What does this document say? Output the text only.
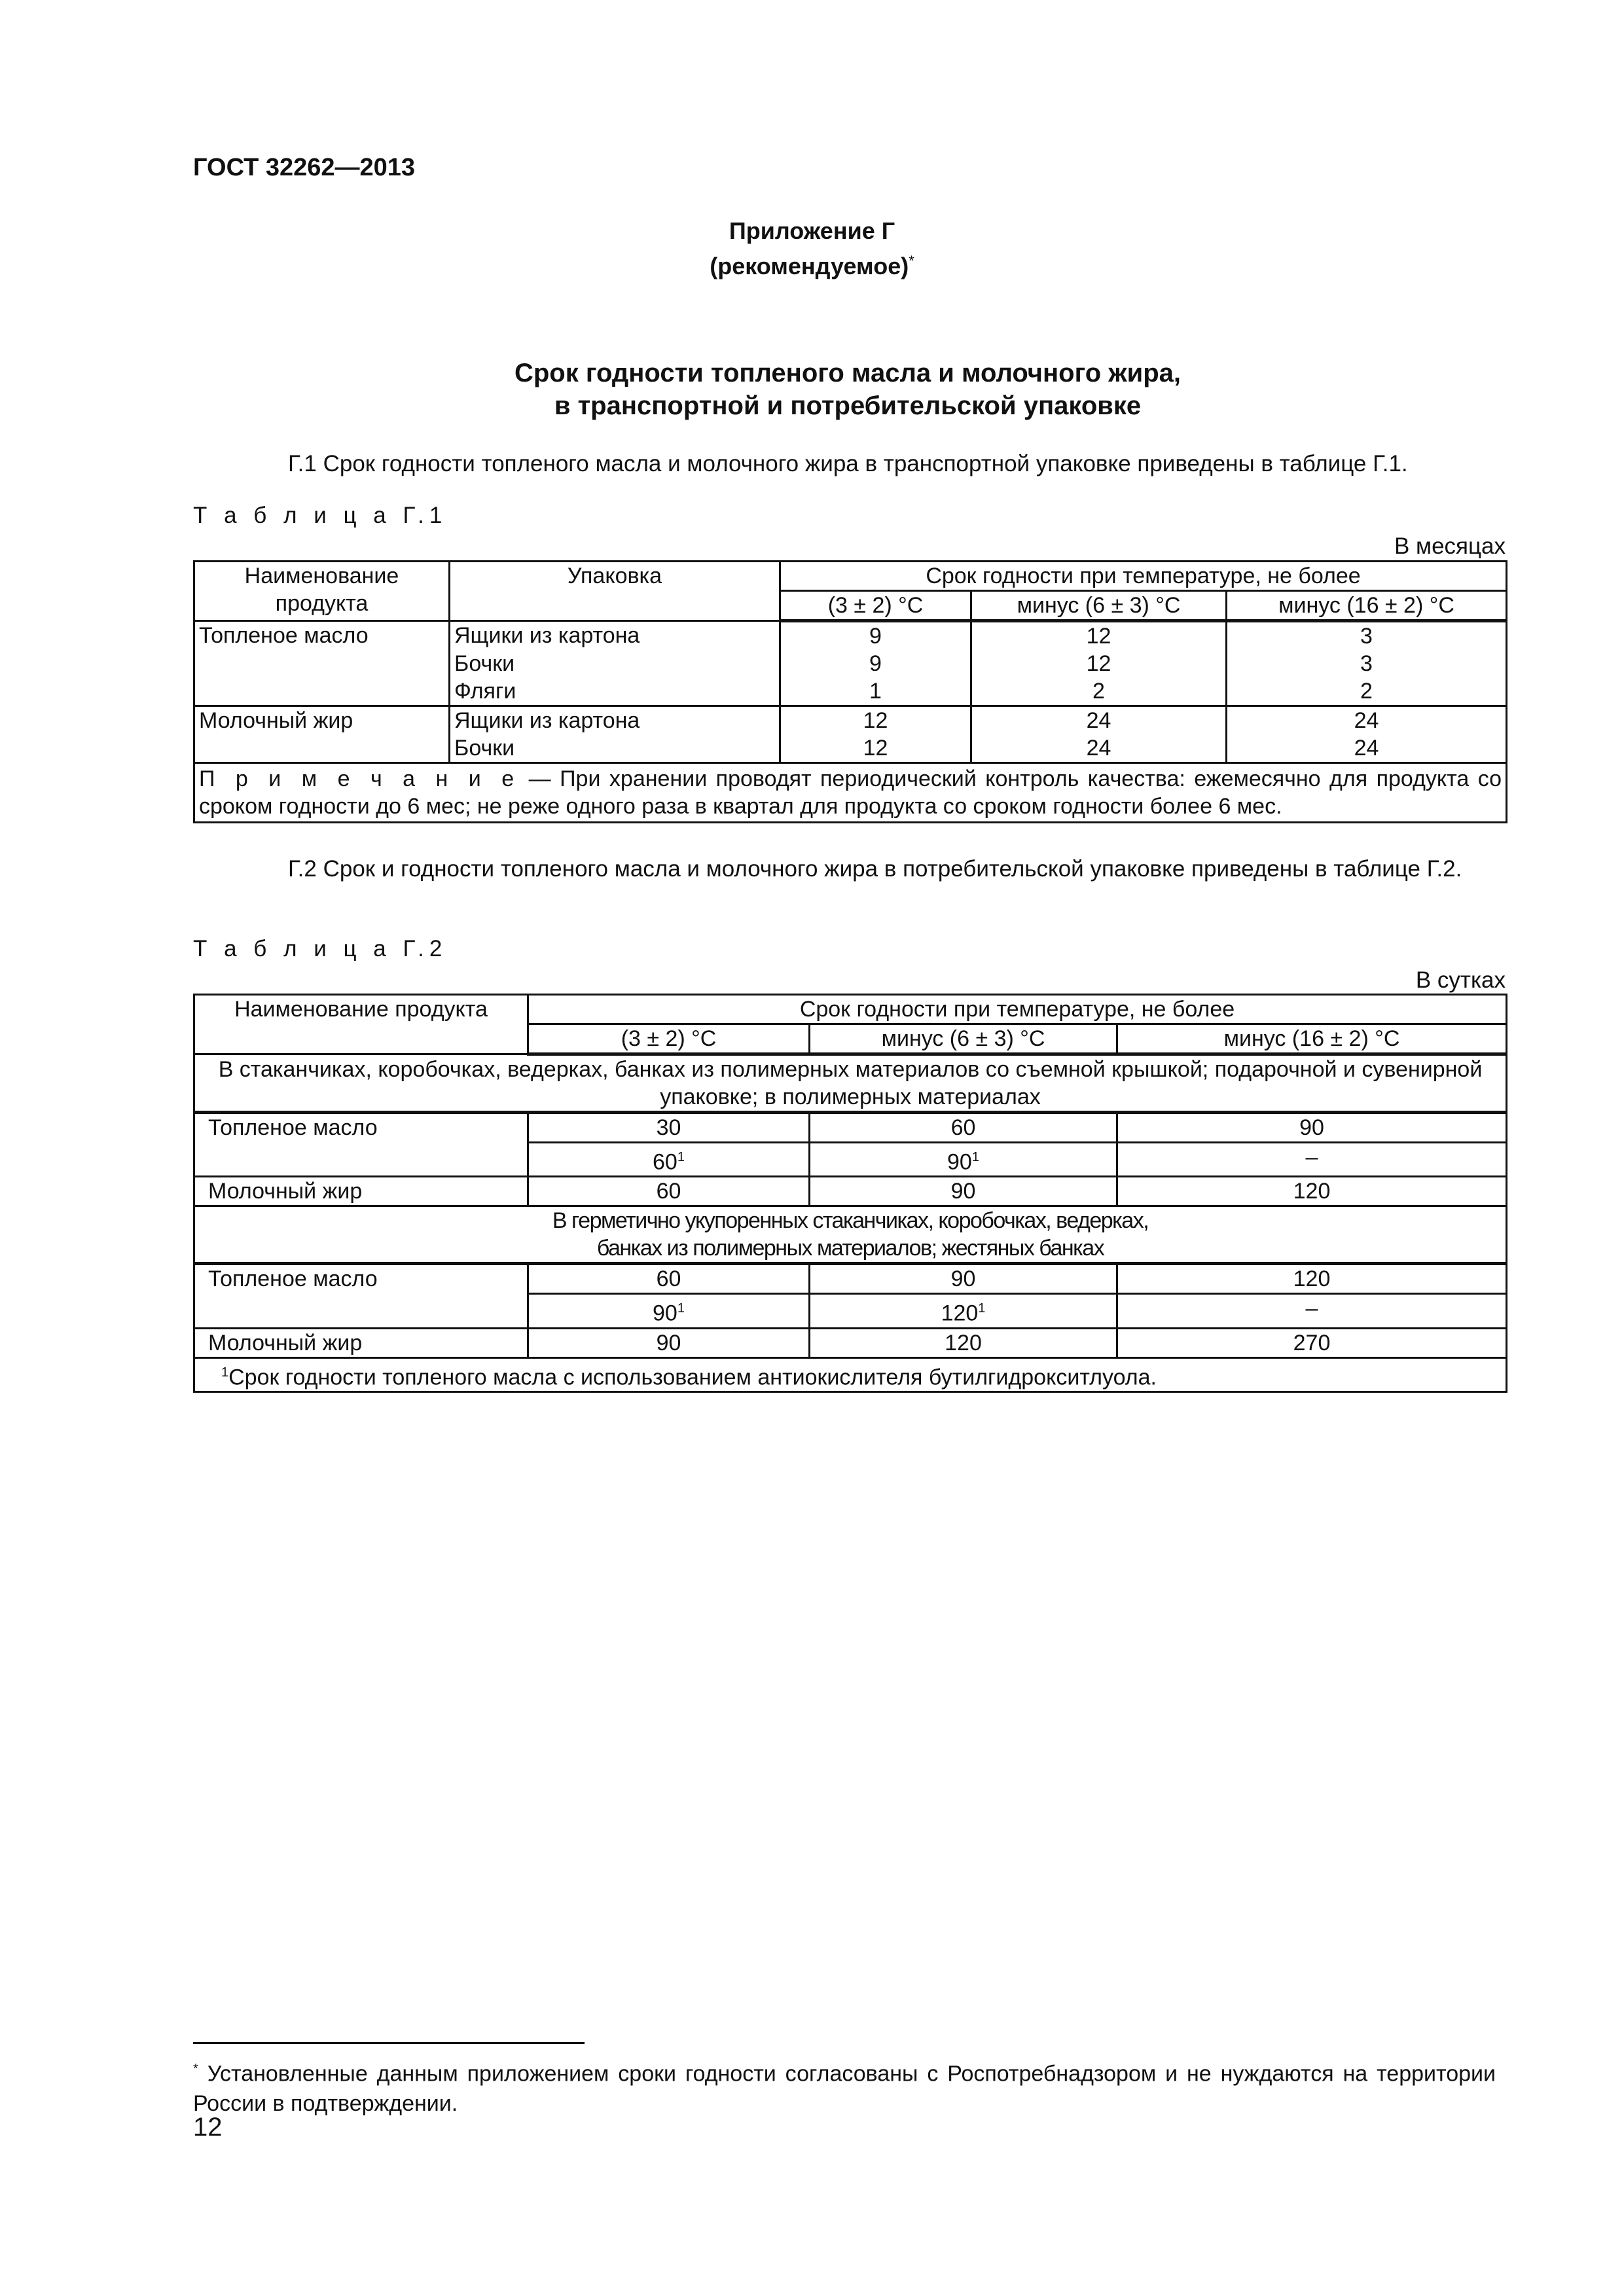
ГОСТ 32262—2013
Приложение Г
(рекомендуемое)*
Срок годности топленого масла и молочного жира,
в транспортной и потребительской упаковке
Г.1 Срок годности топленого масла и молочного жира в транспортной упаковке приведены в таблице Г.1.
Т а б л и ц а Г.1
В месяцах
Наименование продукта	Упаковка	Срок годности при температуре, не более		
		(3 ± 2) °С	минус (6 ± 3) °С	минус (16 ± 2) °С
Топленое масло	Ящики из картона	9	12	3
	Бочки	9	12	3
	Фляги	1	2	2
Молочный жир	Ящики из картона	12	24	24
	Бочки	12	24	24
П р и м е ч а н и е — При хранении проводят периодический контроль качества: ежемесячно для продукта со сроком годности до 6 мес; не реже одного раза в квартал для продукта со сроком годности более 6 мес.				
Г.2 Срок и годности топленого масла и молочного жира в потребительской упаковке приведены в таблице Г.2.
Т а б л и ц а Г.2
В сутках
Наименование продукта	Срок годности при температуре, не более		
	(3 ± 2) °С	минус (6 ± 3) °С	минус (16 ± 2) °С
В стаканчиках, коробочках, ведерках, банках из полимерных материалов со съемной крышкой; подарочной и сувенирной упаковке; в полимерных материалах			
Топленое масло	30	60	90
	$60^1$	$90^1$	–
Молочный жир	60	90	120

В герметично укупоренных стаканчиках, коробочках, ведерках,
банках из полимерных материалов; жестяных банках			

Топленое масло	60	90	120
	$90^1$	$120^1$	–
Молочный жир	90	120	270
$^1$Срок годности топленого масла с использованием антиокислителя бутилгидрокситлуола.			
* Установленные данным приложением сроки годности согласованы с Роспотребнадзором и не нуждаются на территории России в подтверждении.
12
